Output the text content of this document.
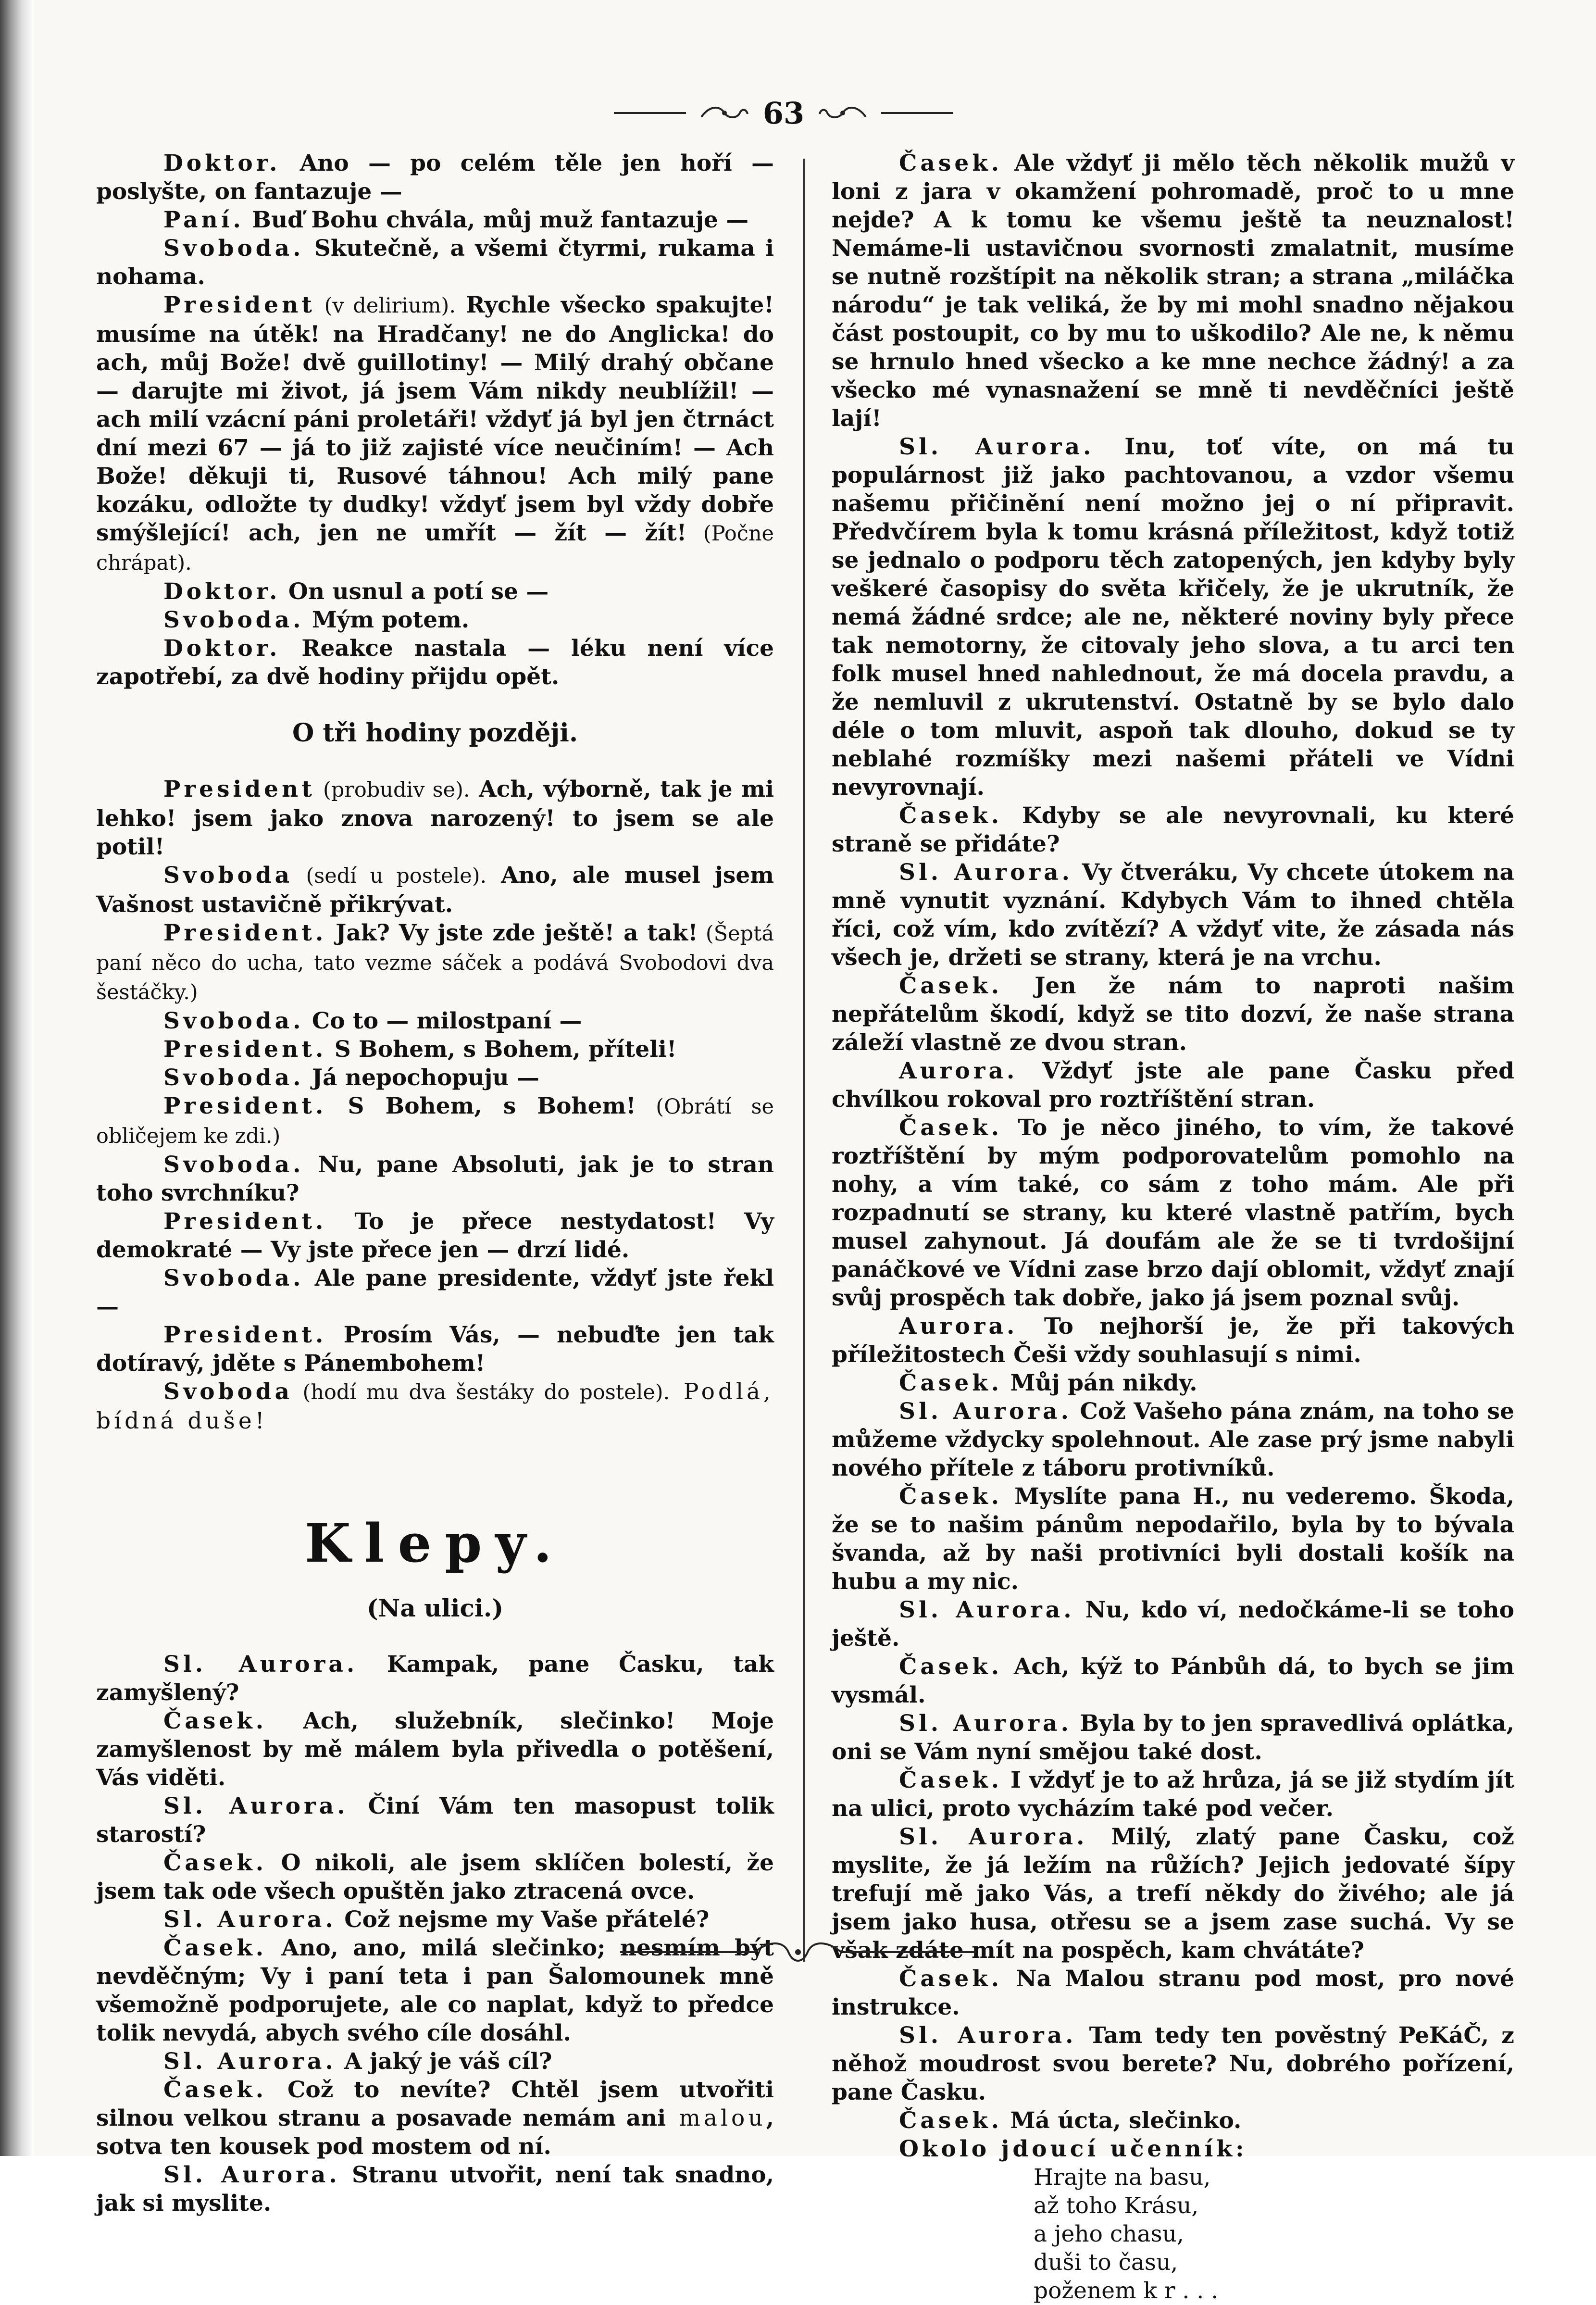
63

Doktor. Ano — po celém těle jen hoří — poslyšte, on fantazuje —

Paní. Buď Bohu chvála, můj muž fantazuje —

Svoboda. Skutečně, a všemi čtyrmi, rukama i nohama.

President (v delirium). Rychle všecko spakujte! musíme na útěk! na Hradčany! ne do Anglicka! do ach, můj Bože! dvě guillotiny! — Milý drahý občane — darujte mi život, já jsem Vám nikdy neublížil! — ach milí vzácní páni proletáři! vždyť já byl jen čtrnáct dní mezi 67 — já to již zajisté více neučiním! — Ach Bože! děkuji ti, Rusové táhnou! Ach milý pane kozáku, odložte ty dudky! vždyť jsem byl vždy dobře smýšlející! ach, jen ne umřít — žít — žít! (Počne chrápat).

Doktor. On usnul a potí se —

Svoboda. Mým potem.

Doktor. Reakce nastala — léku není více zapotřebí, za dvě hodiny přijdu opět.

O tři hodiny později.

President (probudiv se). Ach, výborně, tak je mi lehko! jsem jako znova narozený! to jsem se ale potil!

Svoboda (sedí u postele). Ano, ale musel jsem Vašnost ustavičně přikrývat.

President. Jak? Vy jste zde ještě! a tak! (Šeptá paní něco do ucha, tato vezme sáček a podává Svobodovi dva šestáčky.)

Svoboda. Co to — milostpaní —

President. S Bohem, s Bohem, příteli!

Svoboda. Já nepochopuju —

President. S Bohem, s Bohem! (Obrátí se obličejem ke zdi.)

Svoboda. Nu, pane Absoluti, jak je to stran toho svrchníku?

President. To je přece nestydatost! Vy demokraté — Vy jste přece jen — drzí lidé.

Svoboda. Ale pane presidente, vždyť jste řekl —

President. Prosím Vás, — nebuďte jen tak dotíravý, jděte s Pánembohem!

Svoboda (hodí mu dva šestáky do postele). Podlá, bídná duše!

Klepy.

(Na ulici.)

Sl. Aurora. Kampak, pane Časku, tak zamyšlený?

Časek. Ach, služebník, slečinko! Moje zamyšlenost by mě málem byla přivedla o potěšení, Vás viděti.

Sl. Aurora. Činí Vám ten masopust tolik starostí?

Časek. O nikoli, ale jsem sklíčen bolestí, že jsem tak ode všech opuštěn jako ztracená ovce.

Sl. Aurora. Což nejsme my Vaše přátelé?

Časek. Ano, ano, milá slečinko; nesmím být nevděčným; Vy i paní teta i pan Šalomounek mně všemožně podporujete, ale co naplat, když to předce tolik nevydá, abych svého cíle dosáhl.

Sl. Aurora. A jaký je váš cíl?

Časek. Což to nevíte? Chtěl jsem utvořiti silnou velkou stranu a posavade nemám ani malou, sotva ten kousek pod mostem od ní.

Sl. Aurora. Stranu utvořit, není tak snadno, jak si myslite.

Časek. Ale vždyť ji mělo těch několik mužů v loni z jara v okamžení pohromadě, proč to u mne nejde? A k tomu ke všemu ještě ta neuznalost! Nemáme-li ustavičnou svornosti zmalatnit, musíme se nutně rozštípit na několik stran; a strana „miláčka národu“ je tak veliká, že by mi mohl snadno nějakou část postoupit, co by mu to uškodilo? Ale ne, k němu se hrnulo hned všecko a ke mne nechce žádný! a za všecko mé vynasnažení se mně ti nevděčníci ještě lají!

Sl. Aurora. Inu, toť víte, on má tu populárnost již jako pachtovanou, a vzdor všemu našemu přičinění není možno jej o ní připravit. Předvčírem byla k tomu krásná příležitost, když totiž se jednalo o podporu těch zatopených, jen kdyby byly veškeré časopisy do světa křičely, že je ukrutník, že nemá žádné srdce; ale ne, některé noviny byly přece tak nemotorny, že citovaly jeho slova, a tu arci ten folk musel hned nahlednout, že má docela pravdu, a že nemluvil z ukrutenství. Ostatně by se bylo dalo déle o tom mluvit, aspoň tak dlouho, dokud se ty neblahé rozmíšky mezi našemi přáteli ve Vídni nevyrovnají.

Časek. Kdyby se ale nevyrovnali, ku které straně se přidáte?

Sl. Aurora. Vy čtveráku, Vy chcete útokem na mně vynutit vyznání. Kdybych Vám to ihned chtěla říci, což vím, kdo zvítězí? A vždyť vite, že zásada nás všech je, držeti se strany, která je na vrchu.

Časek. Jen že nám to naproti našim nepřátelům škodí, když se tito dozví, že naše strana záleží vlastně ze dvou stran.

Aurora. Vždyť jste ale pane Časku před chvílkou rokoval pro roztříštění stran.

Časek. To je něco jiného, to vím, že takové roztříštění by mým podporovatelům pomohlo na nohy, a vím také, co sám z toho mám. Ale při rozpadnutí se strany, ku které vlastně patřím, bych musel zahynout. Já doufám ale že se ti tvrdošijní panáčkové ve Vídni zase brzo dají oblomit, vždyť znají svůj prospěch tak dobře, jako já jsem poznal svůj.

Aurora. To nejhorší je, že při takových příležitostech Češi vždy souhlasují s nimi.

Časek. Můj pán nikdy.

Sl. Aurora. Což Vašeho pána znám, na toho se můžeme vždycky spolehnout. Ale zase prý jsme nabyli nového přítele z táboru protivníků.

Časek. Myslíte pana H., nu vederemo. Škoda, že se to našim pánům nepodařilo, byla by to bývala švanda, až by naši protivníci byli dostali košík na hubu a my nic.

Sl. Aurora. Nu, kdo ví, nedočkáme-li se toho ještě.

Časek. Ach, kýž to Pánbůh dá, to bych se jim vysmál.

Sl. Aurora. Byla by to jen spravedlivá oplátka, oni se Vám nyní smějou také dost.

Časek. I vždyť je to až hrůza, já se již stydím jít na ulici, proto vycházím také pod večer.

Sl. Aurora. Milý, zlatý pane Časku, což myslite, že já ležím na růžích? Jejich jedovaté šípy trefují mě jako Vás, a trefí někdy do živého; ale já jsem jako husa, otřesu se a jsem zase suchá. Vy se však zdáte mít na pospěch, kam chvátáte?

Časek. Na Malou stranu pod most, pro nové instrukce.

Sl. Aurora. Tam tedy ten pověstný PeKáČ, z něhož moudrost svou berete? Nu, dobrého pořízení, pane Časku.

Časek. Má úcta, slečinko.

Okolo jdoucí učenník:

Hrajte na basu,

až toho Krásu,

a jeho chasu,

duši to času,

poženem k r . . .
